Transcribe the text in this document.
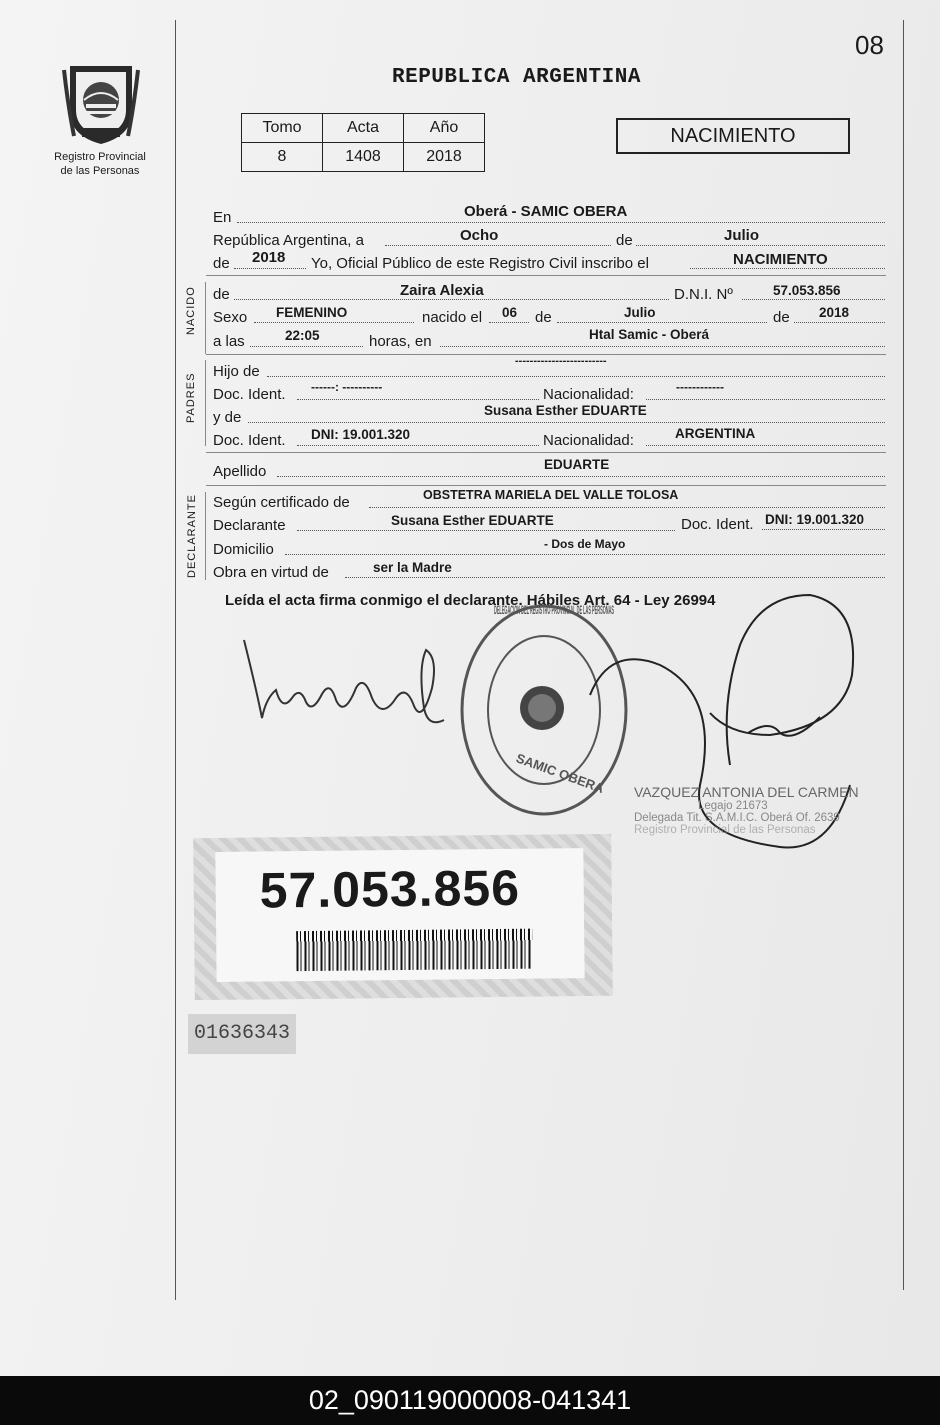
08
Registro Provincial
de las Personas
REPUBLICA ARGENTINA
Tomo	Acta	Año
8	1408	2018
NACIMIENTO
En	Oberá - SAMIC OBERA
República Argentina, a	Ocho	de	Julio
de 2018 Yo, Oficial Público de este Registro Civil inscribo el	NACIMIENTO
NACIDO de	Zaira Alexia	D.N.I. Nº	57.053.856
Sexo FEMENINO	nacido el 06 de	Julio	de 2018
a las	22:05	horas, en	Htal Samic - Oberá
PADRES
Hijo de
-------------------------
Doc. Ident. ------: ----------	Nacionalidad:	------------
y de	Susana Esther EDUARTE
Doc. Ident. DNI: 19.001.320	Nacionalidad:	ARGENTINA
Apellido	EDUARTE
DECLARANTE Según certificado de	OBSTETRA MARIELA DEL VALLE TOLOSA
Declarante	Susana Esther EDUARTE	Doc. Ident. DNI: 19.001.320
Domicilio	- Dos de Mayo
Obra en virtud de	ser la Madre
Leída el acta firma conmigo el declarante. Hábiles Art. 64 - Ley 26994
SAMIC OBERA
DELEGACIÓN DEL REGISTRO PROVINCIAL DE LAS PERSONAS
VAZQUEZ ANTONIA DEL CARMEN
Legajo 21673
Delegada Tit. S.A.M.I.C. Oberá Of. 2639
Registro Provincial de las Personas
57.053.856
01636343
02_090119000008-041341
